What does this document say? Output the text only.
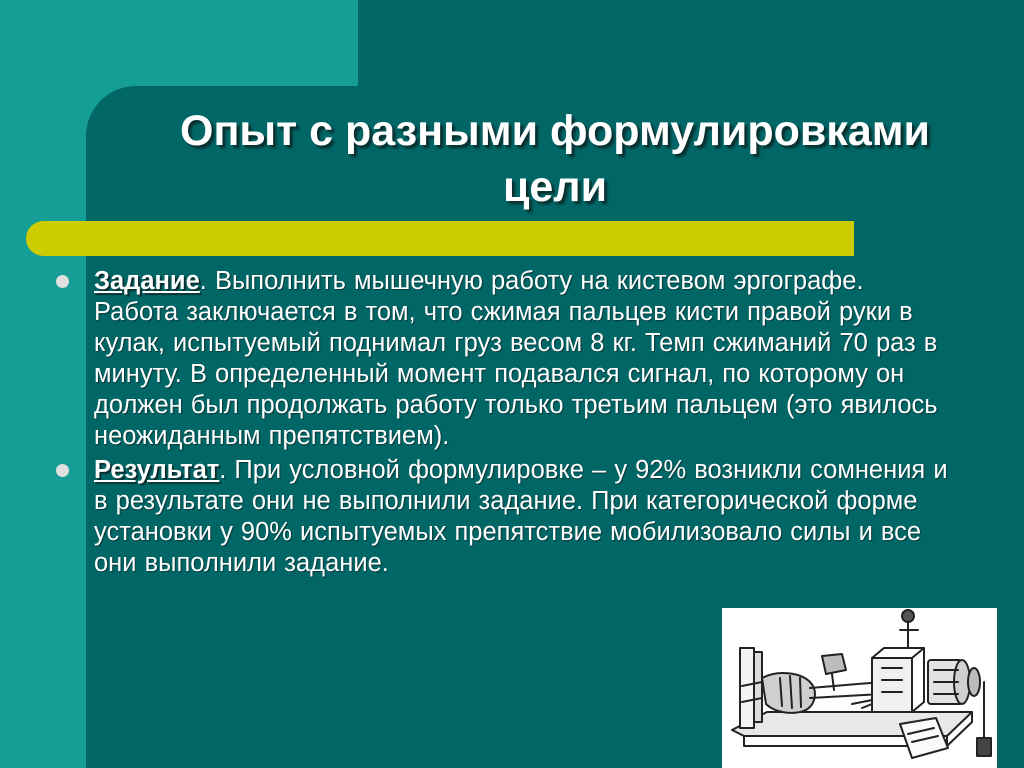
Опыт с разными формулировками
цели
Задание. Выполнить мышечную работу на кистевом эргографе. Работа заключается в том, что сжимая пальцев кисти правой руки в кулак, испытуемый поднимал груз весом 8 кг. Темп сжиманий 70 раз в минуту. В определенный момент подавался сигнал, по которому он должен был продолжать работу только третьим пальцем (это явилось неожиданным препятствием).
Результат. При условной формулировке – у 92% возникли сомнения и в результате они не выполнили задание. При категорической форме установки у 90% испытуемых препятствие мобилизовало силы и все они выполнили задание.
